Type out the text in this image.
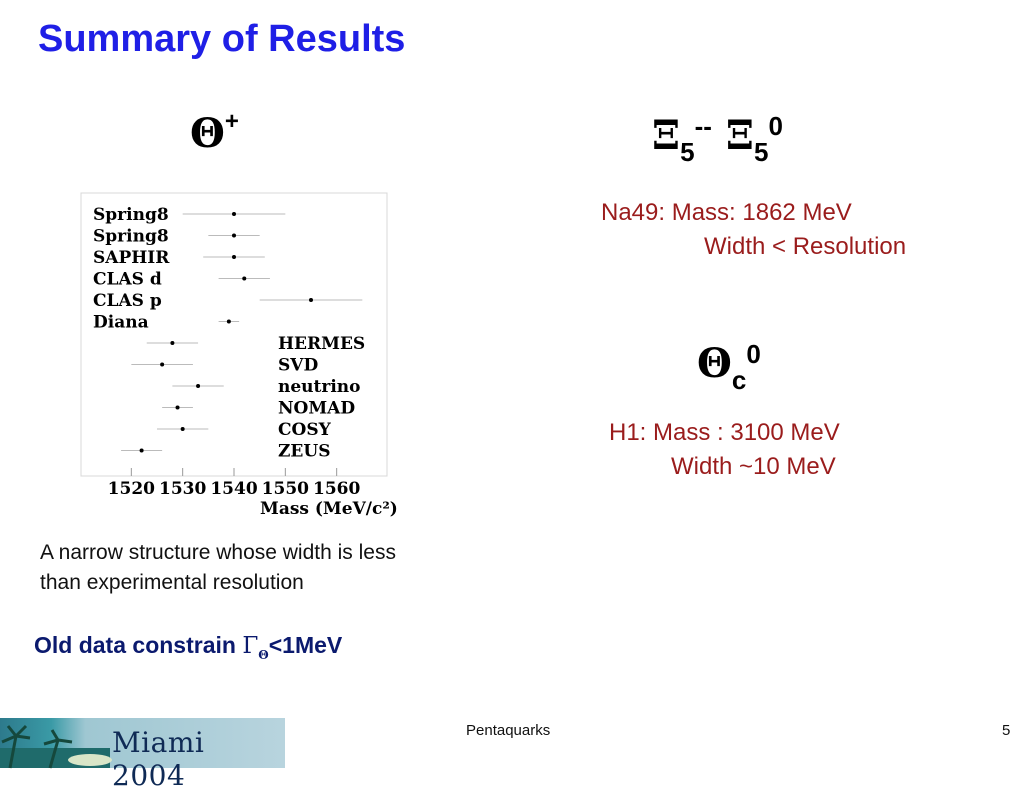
Summary of Results
Θ+	$\Xi_5^{--}$ $\Xi_5^0$
Na49: Mass: 1862 MeV
Width < Resolution
$\Theta_c^0$
H1: Mass : 3100 MeV
Width ~10 MeV
Spring8
Spring8
SAPHIR
CLAS d
CLAS p
Diana
HERMES
SVD
neutrino
NOMAD
COSY
ZEUS
1520 1530 1540 1550 1560
Mass (MeV/c²)
A narrow structure whose width is less than experimental resolution
Old data constrain $\Gamma_\Theta<1MeV$
Miami 2004
Pentaquarks	5
